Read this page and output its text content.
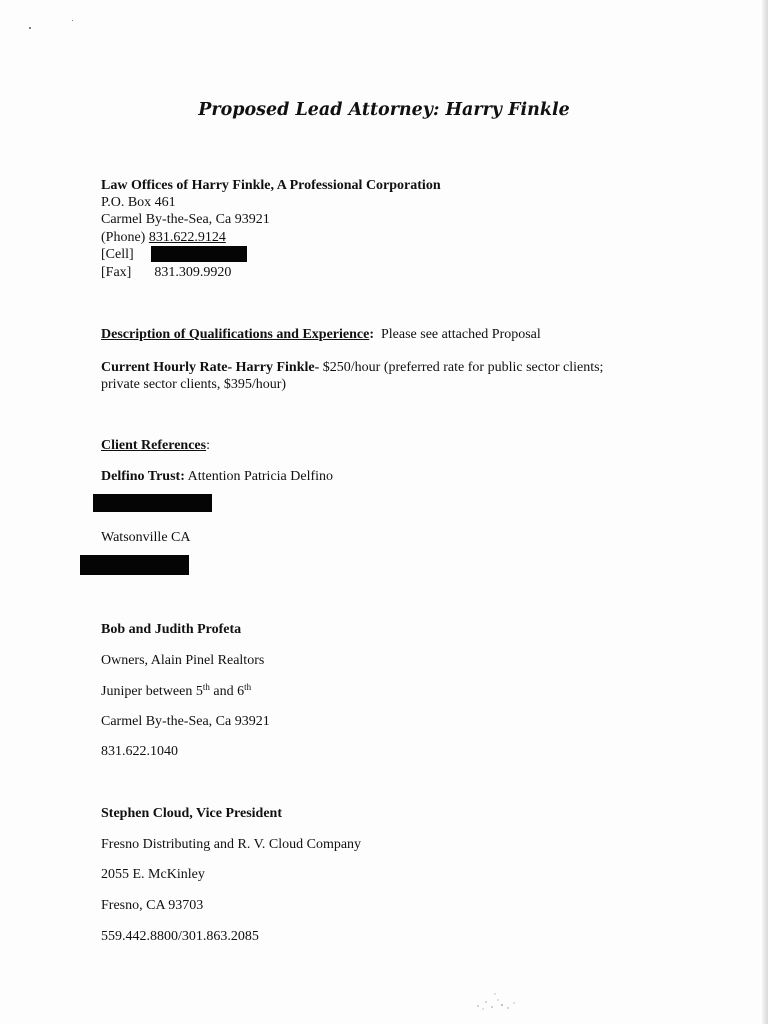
Proposed Lead Attorney: Harry Finkle
Law Offices of Harry Finkle, A Professional Corporation
P.O. Box 461
Carmel By-the-Sea, Ca 93921
(Phone) 831.622.9124
[Cell]
[Fax] 831.309.9920
Description of Qualifications and Experience: Please see attached Proposal
Current Hourly Rate- Harry Finkle- $250/hour (preferred rate for public sector clients;
private sector clients, $395/hour)
Client References:
Delfino Trust: Attention Patricia Delfino
Watsonville CA
Bob and Judith Profeta
Owners, Alain Pinel Realtors
Juniper between 5th and 6th
Carmel By-the-Sea, Ca 93921
831.622.1040
Stephen Cloud, Vice President
Fresno Distributing and R. V. Cloud Company
2055 E. McKinley
Fresno, CA 93703
559.442.8800/301.863.2085
